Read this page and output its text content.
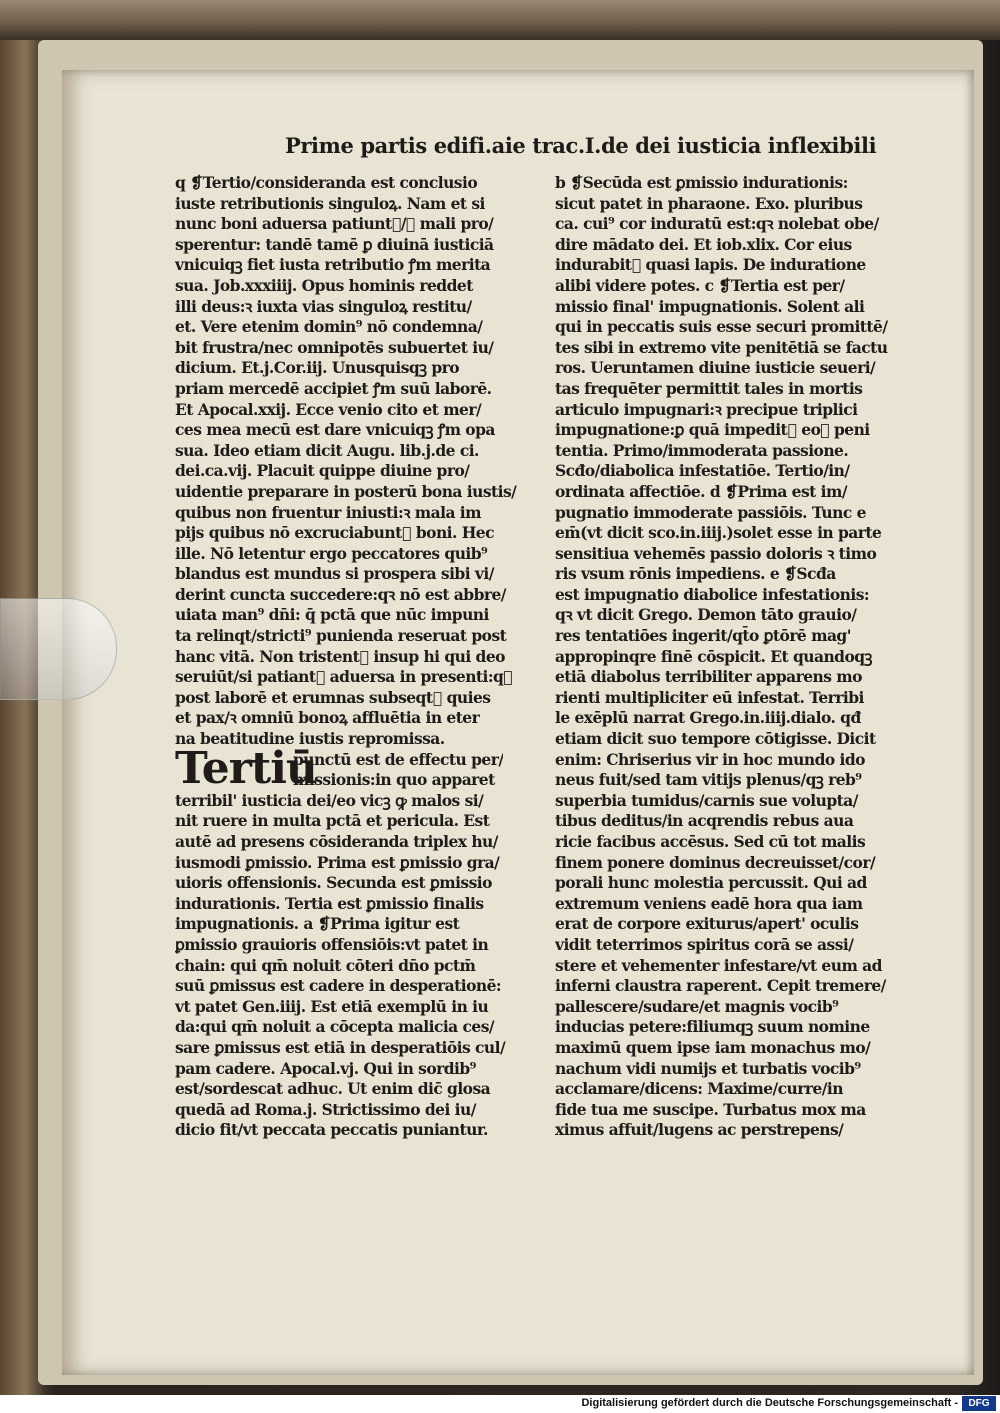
Prime partis edifi.aie trac.I.de dei iusticia inflexibili
q ❡Tertio/consideranda est conclusio
iuste retributionis singuloꝝ. Nam et si
nunc boni aduersa patiunt᷑/ꝛ mali pro/
sperentur: tandē tamē ꝑ diuinā iusticiā
vnicuiqꝫ fiet iusta retributio ꝭm merita
sua. Job.xxxiiij. Opus hominis reddet
illi deus:ꝛ iuxta vias singuloꝝ restitu/
et. Vere etenim domin⁹ nō condemna/
bit frustra/nec omnipotēs subuertet iu/
dicium. Et.j.Cor.iij. Unusquisqꝫ pro
priam mercedē accipiet ꝭm suū laborē.
Et Apocal.xxij. Ecce venio cito et mer/
ces mea mecū est dare vnicuiqꝫ ꝭm opa
sua. Ideo etiam dicit Augu. lib.j.de ci.
dei.ca.vij. Placuit quippe diuine pro/
uidentie preparare in posterū bona iustis/
quibus non fruentur iniusti:ꝛ mala im
pijs quibus nō excruciabunt᷑ boni. Hec
ille. Nō letentur ergo peccatores quib⁹
blandus est mundus si prospera sibi vi/
derint cuncta succedere:qꝛ nō est abbre/
uiata man⁹ dn̄i: q̄ pctā que nūc impuni
ta relinqt/stricti⁹ punienda reseruat post
hanc vitā. Non tristent᷑ insup hi qui deo
seruiūt/si patiant᷑ aduersa in presenti:qꝛ
post laborē et erumnas subseqt᷑ quies
et pax/ꝛ omniū bonoꝝ affluētia in eter
na beatitudine iustis repromissa.
Tertiū
punctū est de effectu per/
missionis:in quo apparet
terribil' iusticia dei/eo vicꝫ ꝙ malos si/
nit ruere in multa pctā et pericula. Est
autē ad presens cōsideranda triplex hu/
iusmodi ꝑmissio. Prima est ꝑmissio gra/
uioris offensionis. Secunda est ꝑmissio
indurationis. Tertia est ꝑmissio finalis
impugnationis. a ❡Prima igitur est
ꝑmissio grauioris offensiōis:vt patet in
chain: qui qm̄ noluit cōteri dn̄o pctm̄
suū ꝑmissus est cadere in desperationē:
vt patet Gen.iiij. Est etiā exemplū in iu
da:qui qm̄ noluit a cōcepta malicia ces/
sare ꝑmissus est etiā in desperatiōis cul/
pam cadere. Apocal.vj. Qui in sordib⁹
est/sordescat adhuc. Ut enim dic̄ glosa
quedā ad Roma.j. Strictissimo dei iu/
dicio fit/vt peccata peccatis puniantur.
b ❡Secūda est ꝑmissio indurationis:
sicut patet in pharaone. Exo. pluribus
ca. cui⁹ cor induratū est:qꝛ nolebat obe/
dire mādato dei. Et iob.xlix. Cor eius
indurabit᷑ quasi lapis. De induratione
alibi videre potes. c ❡Tertia est per/
missio final' impugnationis. Solent ali
qui in peccatis suis esse securi promittē/
tes sibi in extremo vite penitētiā se factu
ros. Ueruntamen diuine iusticie seueri/
tas frequēter permittit tales in mortis
articulo impugnari:ꝛ precipue triplici
impugnatione:ꝑ quā impedit᷑ eoꝝ peni
tentia. Primo/immoderata passione.
Scđo/diabolica infestatiōe. Tertio/in/
ordinata affectiōe. d ❡Prima est im/
pugnatio immoderate passiōis. Tunc e
em̄(vt dicit sco.in.iiij.)solet esse in parte
sensitiua vehemēs passio doloris ꝛ timo
ris vsum rōnis impediens. e ❡Scđa
est impugnatio diabolice infestationis:
qꝛ vt dicit Grego. Demon tāto grauio/
res tentatiōes ingerit/qt̄o ꝑtōrē mag'
appropinqre finē cōspicit. Et quandoqꝫ
etiā diabolus terribiliter apparens mo
rienti multipliciter eū infestat. Terribi
le exēplū narrat Grego.in.iiij.dialo. qđ
etiam dicit suo tempore cōtigisse. Dicit
enim: Chriserius vir in hoc mundo ido
neus fuit/sed tam vitijs plenus/qꝫ reb⁹
superbia tumidus/carnis sue volupta/
tibus deditus/in acqrendis rebus aua
ricie facibus accēsus. Sed cū tot malis
finem ponere dominus decreuisset/cor/
porali hunc molestia percussit. Qui ad
extremum veniens eadē hora qua iam
erat de corpore exiturus/apert' oculis
vidit teterrimos spiritus corā se assi/
stere et vehementer infestare/vt eum ad
inferni claustra raperent. Cepit tremere/
pallescere/sudare/et magnis vocib⁹
inducias petere:filiumqꝫ suum nomine
maximū quem ipse iam monachus mo/
nachum vidi numijs et turbatis vocib⁹
acclamare/dicens: Maxime/curre/in
fide tua me suscipe. Turbatus mox ma
ximus affuit/lugens ac perstrepens/
Digitalisierung gefördert durch die Deutsche Forschungsgemeinschaft -	DFG
